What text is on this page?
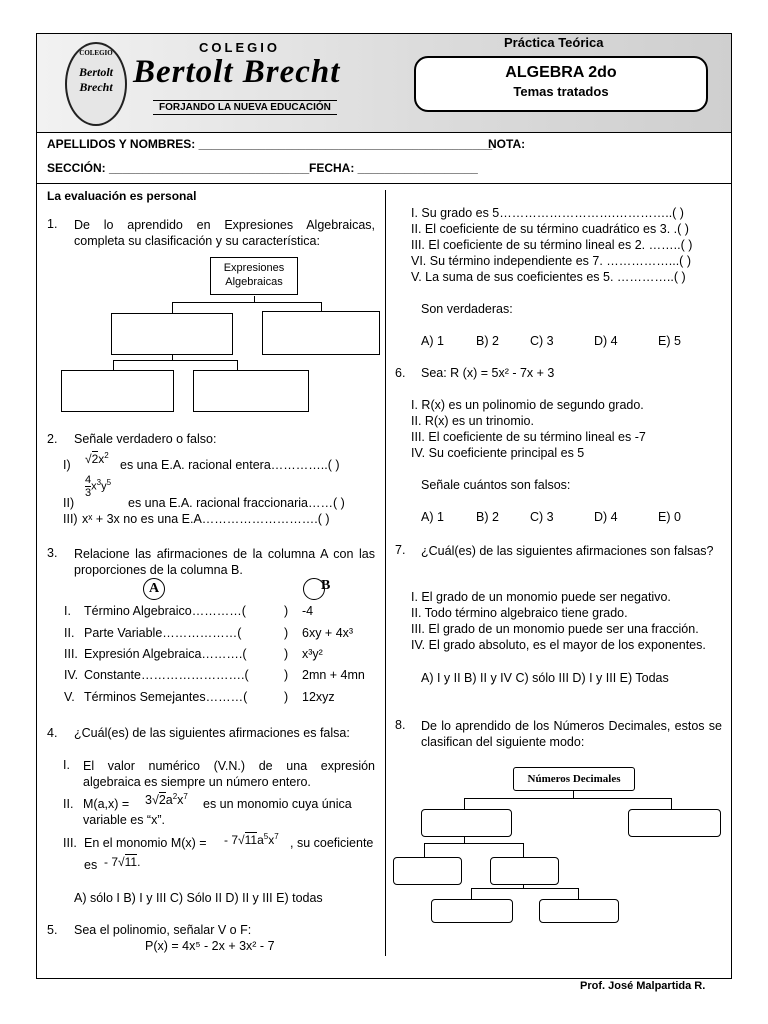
COLEGIO
Bertolt
Brecht
COLEGIO
Bertolt Brecht
FORJANDO LA NUEVA EDUCACIÓN
Práctica Teórica
ALGEBRA 2do
Temas tratados
APELLIDOS Y NOMBRES: ____________________________________________
NOTA:
SECCIÓN: ______________________________ FECHA: __________________
La evaluación es personal
1. De lo aprendido en Expresiones Algebraicas, completa su clasificación y su característica:
Expresiones
Algebraicas
2. Señale verdadero o falso:
I) $√2x^2$
es una E.A. racional entera…………..( )
$\frac{4}{3} x^3y^5$
II)	es una E.A. racional fraccionaria……( )
III) xˣ + 3x no es una E.A……………………….( )
3. Relacione las afirmaciones de la columna A con las proporciones de la columna B.
A	B
I. Término Algebraico…………(	) -4
II. Parte Variable………………(	) 6xy + 4x³
III. Expresión Algebraica……….(	) x³y²
IV. Constante…………………….(	) 2mn + 4mn
V. Términos Semejantes………(	) 12xyz
4. ¿Cuál(es) de las siguientes afirmaciones es falsa:
I. El valor numérico (V.N.) de una expresión algebraica es siempre un número entero.
II. $M(a,x) = 3√2a^2x^7$
es un monomio cuya única
variable es “x”.
III. En el monomio M(x) = - $7√11a^5x^7$ , su coeficiente
es - 7√11.
A) sólo I B) I y III C) Sólo II D) II y III E) todas
5. Sea el polinomio, señalar V o F:
P(x) = 4x⁵ - 2x + 3x² - 7
I. Su grado es 5……………………….…………..( )
II. El coeficiente de su término cuadrático es 3. .( )
III. El coeficiente de su término lineal es 2. ……..( )
VI. Su término independiente es 7. ……………...( )
V. La suma de sus coeficientes es 5. …………..( )
Son verdaderas:
A) 1	B) 2 C) 3	D) 4	E) 5
6. Sea: R (x) = 5x² - 7x + 3
I. R(x) es un polinomio de segundo grado.
II. R(x) es un trinomio.
III. El coeficiente de su término lineal es -7
IV. Su coeficiente principal es 5
Señale cuántos son falsos:
A) 1	B) 2 C) 3	D) 4	E) 0
7. ¿Cuál(es) de las siguientes afirmaciones son falsas?
I. El grado de un monomio puede ser negativo.
II. Todo término algebraico tiene grado.
III. El grado de un monomio puede ser una fracción.
IV. El grado absoluto, es el mayor de los exponentes.
A) I y II B) II y IV C) sólo III D) I y III E) Todas
8. De lo aprendido de los Números Decimales, estos se clasifican del siguiente modo:
Números Decimales
Prof. José Malpartida R.
